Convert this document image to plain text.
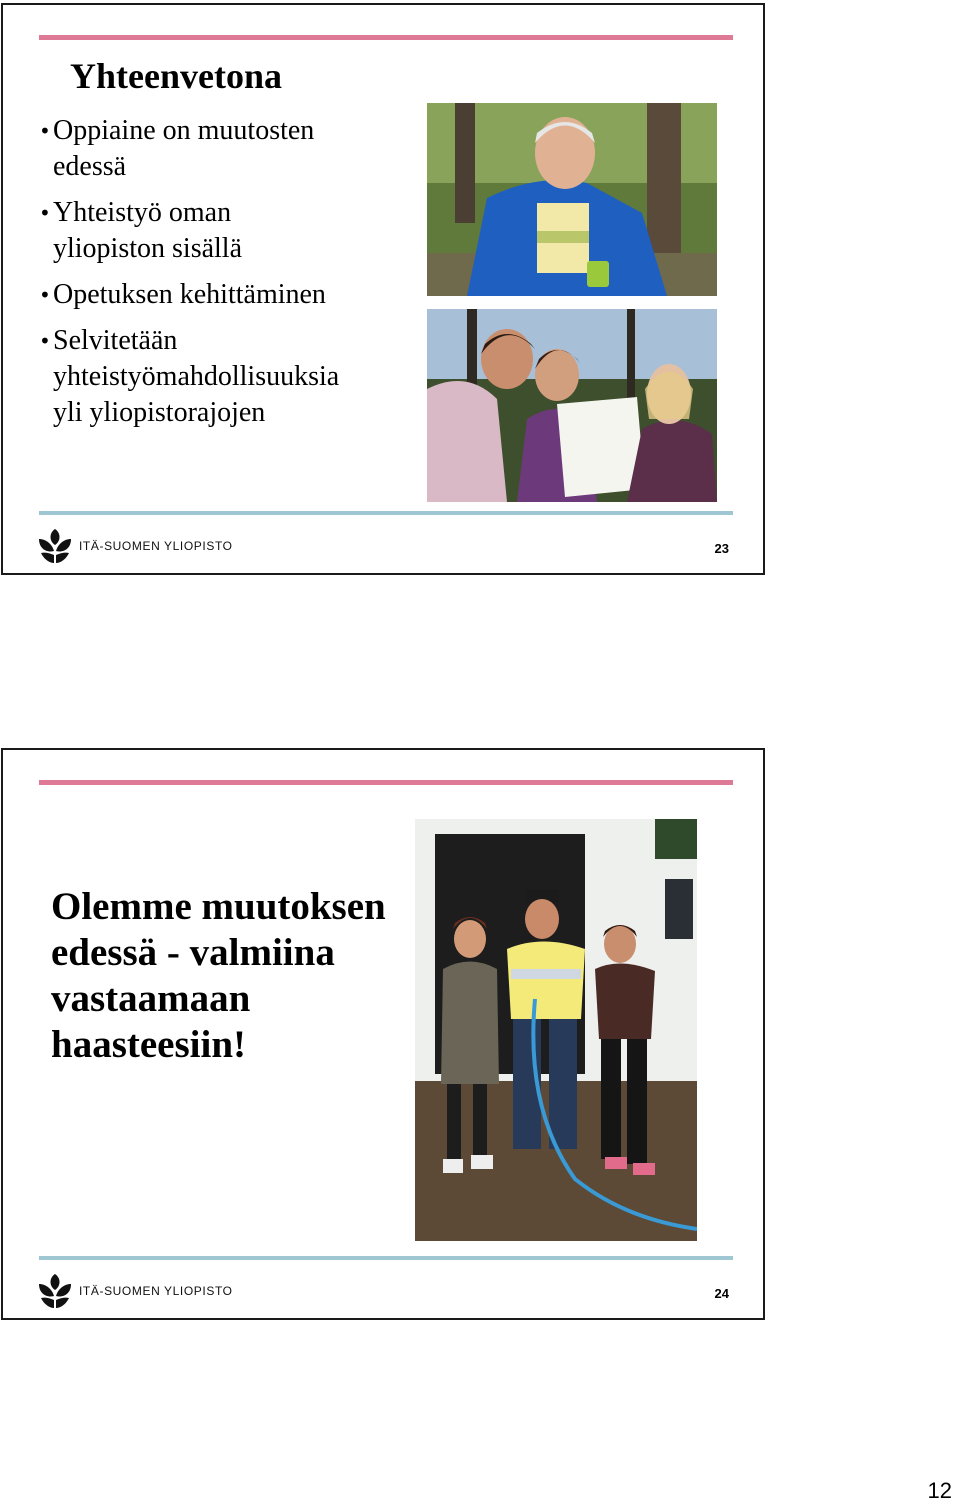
Yhteenvetona
• Oppiaine on muutosten
edessä
• Yhteistyö oman
yliopiston sisällä
• Opetuksen kehittäminen
• Selvitetään
yhteistyömahdollisuuksia
yli yliopistorajojen
ITÄ-SUOMEN YLIOPISTO	23
Olemme muutoksen
edessä - valmiina
vastaamaan
haasteesiin!
ITÄ-SUOMEN YLIOPISTO	24
12
